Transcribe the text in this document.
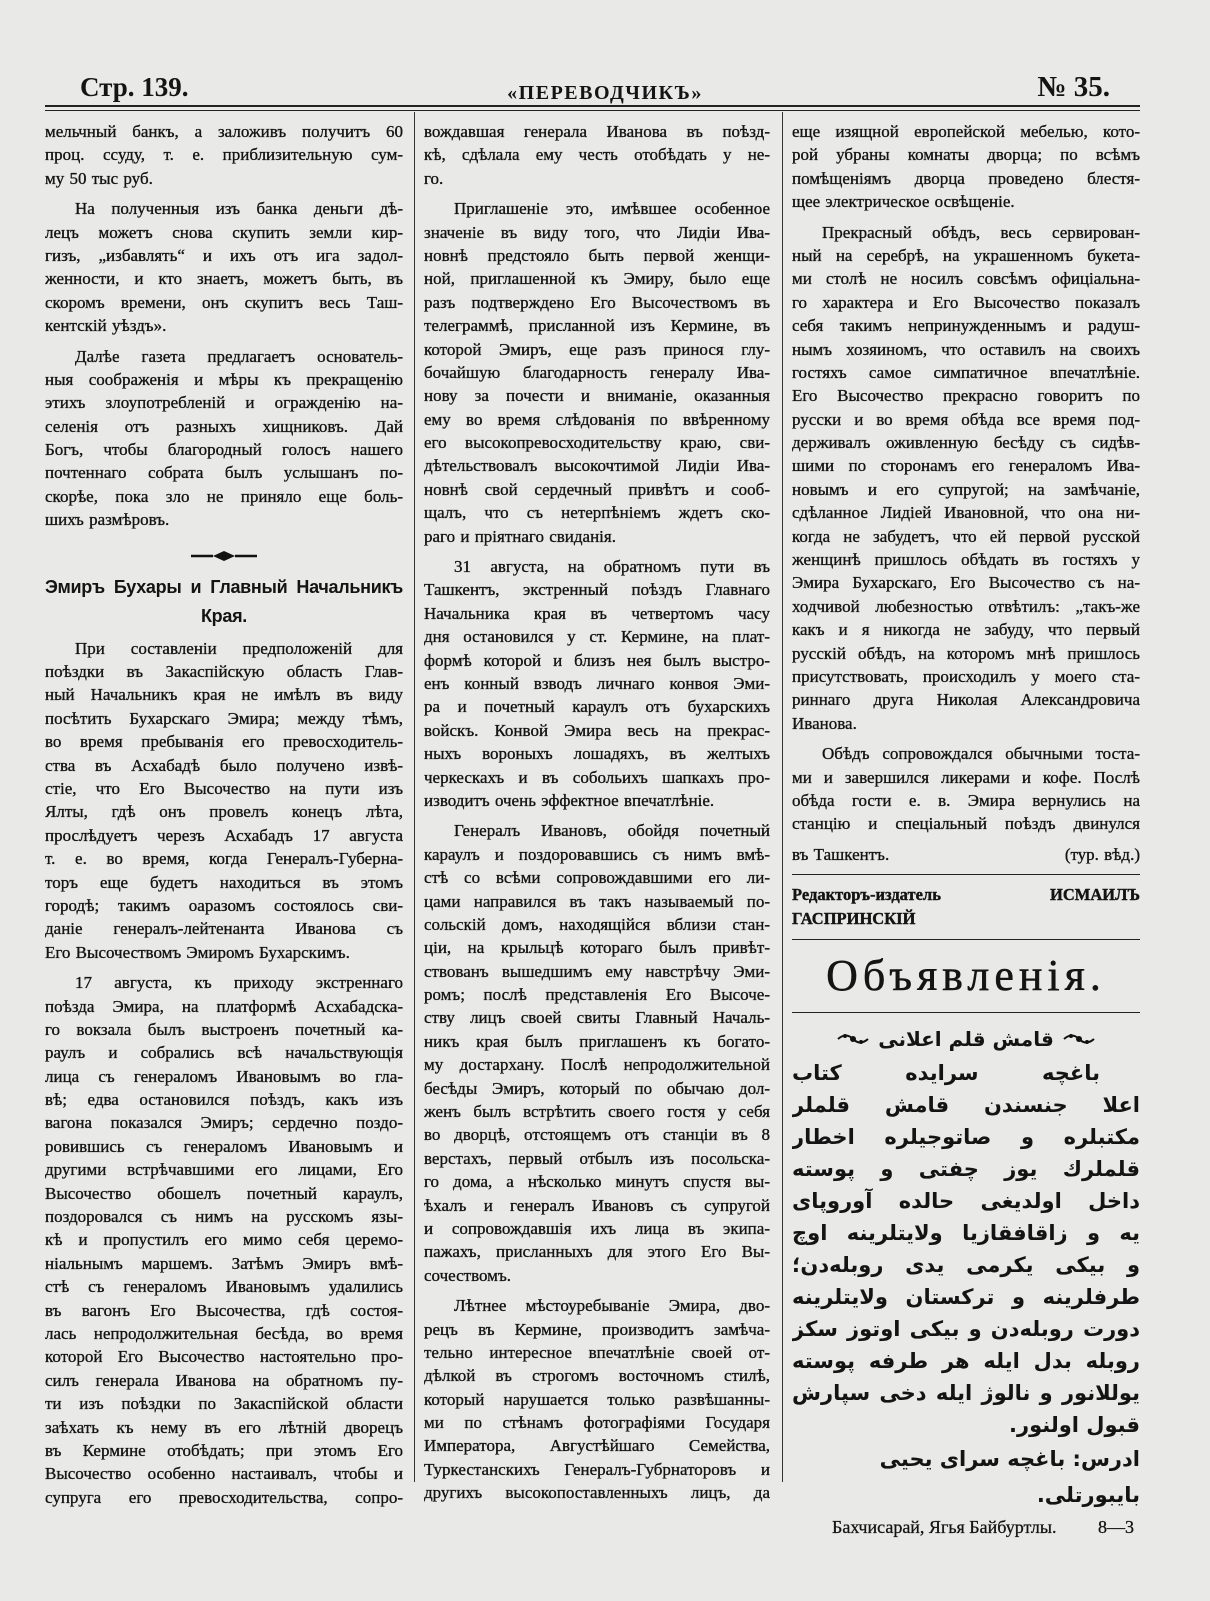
Стр. 139.	«ПЕРЕВОДЧИКЪ»	№ 35.
мельчный банкъ, а заложивъ получитъ 60
проц. ссуду, т. е. приблизительную сум-
му 50 тыс руб.
На полученныя изъ банка деньги дѣ-
лецъ можетъ снова скупить земли кир-
гизъ, „избавлять“ и ихъ отъ ига задол-
женности, и кто знаетъ, можетъ быть, въ
скоромъ времени, онъ скупитъ весь Таш-
кентскій уѣздъ».
Далѣе газета предлагаетъ основатель-
ныя соображенія и мѣры къ прекращенію
этихъ злоупотребленій и огражденію на-
селенія отъ разныхъ хищниковъ. Дай
Богъ, чтобы благородный голосъ нашего
почтеннаго собрата былъ услышанъ по-
скорѣе, пока зло не приняло еще боль-
шихъ размѣровъ.
Эмиръ Бухары и Главный Начальникъ
Края.
При составленіи предположеній для
поѣздки въ Закаспійскую область Глав-
ный Начальникъ края не имѣлъ въ виду
посѣтить Бухарскаго Эмира; между тѣмъ,
во время пребыванія его превосходитель-
ства въ Асхабадѣ было получено извѣ-
стіе, что Его Высочество на пути изъ
Ялты, гдѣ онъ провелъ конецъ лѣта,
прослѣдуетъ черезъ Асхабадъ 17 августа
т. е. во время, когда Генералъ-Губерна-
торъ еще будетъ находиться въ этомъ
городѣ; такимъ оаразомъ состоялось сви-
даніе генералъ-лейтенанта Иванова съ
Его Высочествомъ Эмиромъ Бухарскимъ.
17 августа, къ приходу экстреннаго
поѣзда Эмира, на платформѣ Асхабадска-
го вокзала былъ выстроенъ почетный ка-
раулъ и собрались всѣ начальствующія
лица съ генераломъ Ивановымъ во гла-
вѣ; едва остановился поѣздъ, какъ изъ
вагона показался Эмиръ; сердечно поздо-
ровившись съ генераломъ Ивановымъ и
другими встрѣчавшими его лицами, Его
Высочество обошелъ почетный караулъ,
поздоровался съ нимъ на русскомъ язы-
кѣ и пропустилъ его мимо себя церемо-
ніальнымъ маршемъ. Затѣмъ Эмиръ вмѣ-
стѣ съ генераломъ Ивановымъ удалились
въ вагонъ Его Высочества, гдѣ состоя-
лась непродолжительная бесѣда, во время
которой Его Высочество настоятельно про-
силъ генерала Иванова на обратномъ пу-
ти изъ поѣздки по Закаспійской области
заѣхать къ нему въ его лѣтній дворецъ
въ Кермине отобѣдать; при этомъ Его
Высочество особенно настаивалъ, чтобы и
супруга его превосходительства, сопро-
вождавшая генерала Иванова въ поѣзд-
кѣ, сдѣлала ему честь отобѣдать у не-
го.
Приглашеніе это, имѣвшее особенное
значеніе въ виду того, что Лидіи Ива-
новнѣ предстояло быть первой женщи-
ной, приглашенной къ Эмиру, было еще
разъ подтверждено Его Высочествомъ въ
телеграммѣ, присланной изъ Кермине, въ
которой Эмиръ, еще разъ принося глу-
бочайшую благодарность генералу Ива-
нову за почести и вниманіе, оказанныя
ему во время слѣдованія по ввѣренному
его высокопревосходительству краю, сви-
дѣтельствовалъ высокочтимой Лидіи Ива-
новнѣ свой сердечный привѣтъ и сооб-
щалъ, что съ нетерпѣніемъ ждетъ ско-
раго и пріятнаго свиданія.
31 августа, на обратномъ пути въ
Ташкентъ, экстренный поѣздъ Главнаго
Начальника края въ четвертомъ часу
дня остановился у ст. Кермине, на плат-
формѣ которой и близъ нея былъ выстро-
енъ конный взводъ личнаго конвоя Эми-
ра и почетный караулъ отъ бухарскихъ
войскъ. Конвой Эмира весь на прекрас-
ныхъ вороныхъ лошадяхъ, въ желтыхъ
черкескахъ и въ собольихъ шапкахъ про-
изводитъ очень эффектное впечатлѣніе.
Генералъ Ивановъ, обойдя почетный
караулъ и поздоровавшись съ нимъ вмѣ-
стѣ со всѣми сопровождавшими его ли-
цами направился въ такъ называемый по-
сольскій домъ, находящійся вблизи стан-
ціи, на крыльцѣ котораго былъ привѣт-
ствованъ вышедшимъ ему навстрѣчу Эми-
ромъ; послѣ представленія Его Высоче-
ству лицъ своей свиты Главный Началь-
никъ края былъ приглашенъ къ богато-
му достархану. Послѣ непродолжительной
бесѣды Эмиръ, который по обычаю дол-
женъ былъ встрѣтить своего гостя у себя
во дворцѣ, отстоящемъ отъ станціи въ 8
верстахъ, первый отбылъ изъ посольска-
го дома, а нѣсколько минутъ спустя вы-
ѣхалъ и генералъ Ивановъ съ супругой
и сопровождавшія ихъ лица въ экипа-
пажахъ, присланныхъ для этого Его Вы-
сочествомъ.
Лѣтнее мѣстоуребываніе Эмира, дво-
рецъ въ Кермине, производитъ замѣча-
тельно интересное впечатлѣніе своей от-
дѣлкой въ строгомъ восточномъ стилѣ,
который нарушается только развѣшанны-
ми по стѣнамъ фотографіями Государя
Императора, Августѣйшаго Семейства,
Туркестанскихъ Генералъ-Губрнаторовъ и
другихъ высокопоставленныхъ лицъ, да
еще изящной европейской мебелью, кото-
рой убраны комнаты дворца; по всѣмъ
помѣщеніямъ дворца проведено блестя-
щее электрическое освѣщеніе.
Прекрасный обѣдъ, весь сервирован-
ный на серебрѣ, на украшенномъ букета-
ми столѣ не носилъ совсѣмъ офиціальна-
го характера и Его Высочество показалъ
себя такимъ непринужденнымъ и радуш-
нымъ хозяиномъ, что оставилъ на своихъ
гостяхъ самое симпатичное впечатлѣніе.
Его Высочество прекрасно говоритъ по
русски и во время обѣда все время под-
держивалъ оживленную бесѣду съ сидѣв-
шими по сторонамъ его генераломъ Ива-
новымъ и его супругой; на замѣчаніе,
сдѣланное Лидіей Ивановной, что она ни-
когда не забудетъ, что ей первой русской
женщинѣ пришлось обѣдать въ гостяхъ у
Эмира Бухарскаго, Его Высочество съ на-
ходчивой любезностью отвѣтилъ: „такъ-же
какъ и я никогда не забуду, что первый
русскій обѣдъ, на которомъ мнѣ пришлось
присутствовать, происходилъ у моего ста-
риннаго друга Николая Александровича
Иванова.
Обѣдъ сопровождался обычными тоста-
ми и завершился ликерами и кофе. Послѣ
обѣда гости е. в. Эмира вернулись на
станцію и спеціальный поѣздъ двинулся
въ Ташкентъ.	(тур. вѣд.)
Редакторъ-издатель ИСМАИЛЪ ГАСПРИНСКІЙ
Объявленія.
قامش قلم اعلانی
باغچه سرايده كتاب
اعلا جنسندن قامش قلملر
مكتبلره و صاتوجيلره اخطار
قلملرك يوز چفتى و پوسته
داخل اولديغى حالده آوروپاى
يه و زاقافقازيا ولايتلرينه اوچ
و بيكى يكرمى يدى روبله‌دن؛
طرفلرينه و تركستان ولايتلرينه
دورت روبله‌دن و بيكى اوتوز سكز
روبله بدل ايله هر طرفه پوسته
يوللانور و نالوژ ايله دخى سپارش
قبول اولنور.
ادرس: باغچه سراى يحيى بايبورتلى.
Бахчисарай, Ягья Байбуртлы. 8—3
